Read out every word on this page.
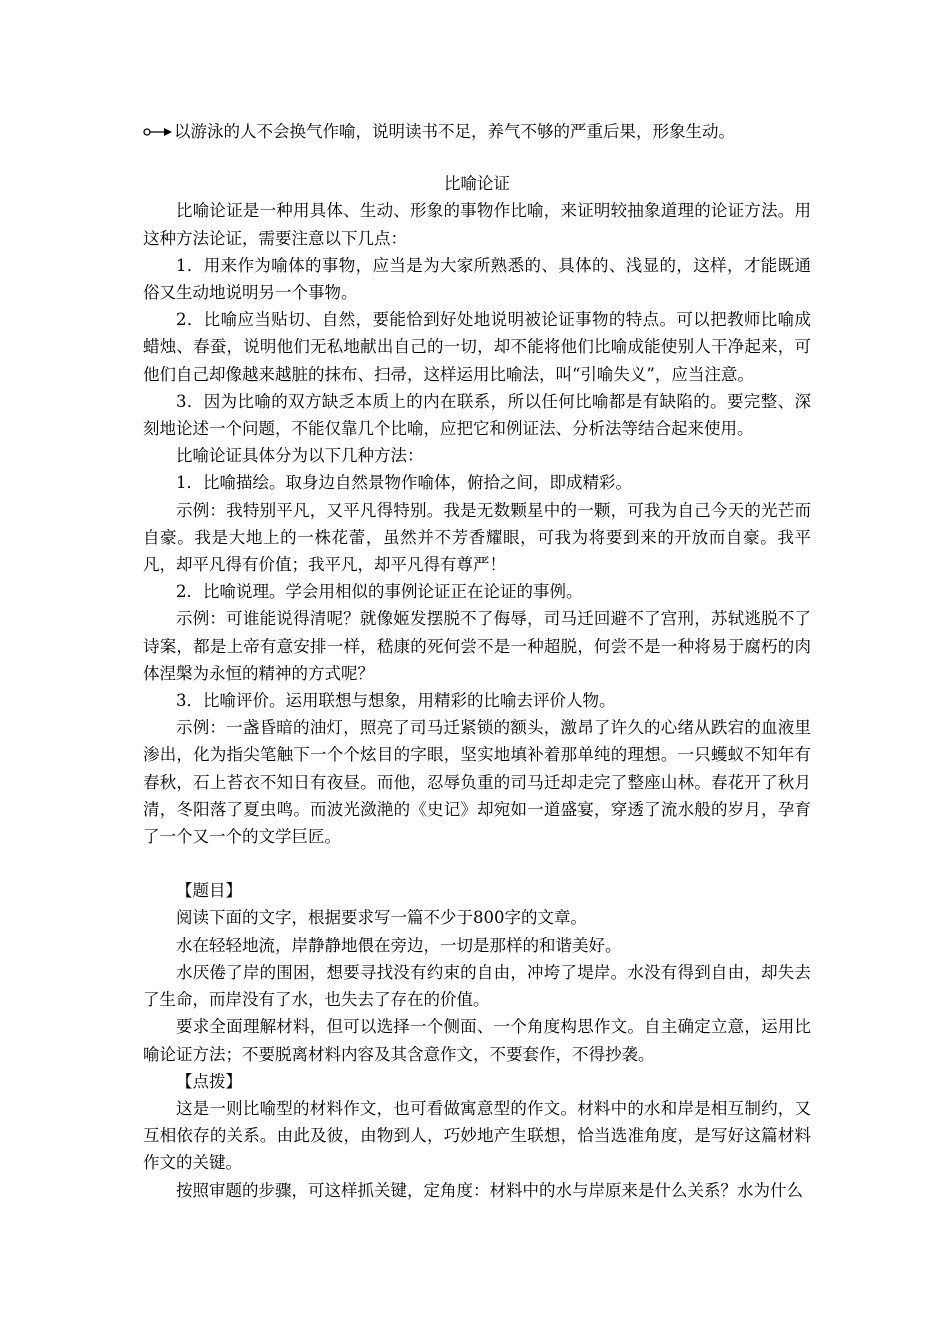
以游泳的人不会换气作喻，说明读书不足，养气不够的严重后果，形象生动。
比喻论证

比喻论证是一种用具体、生动、形象的事物作比喻，来证明较抽象道理的论证方法。用这种方法论证，需要注意以下几点：

1．用来作为喻体的事物，应当是为大家所熟悉的、具体的、浅显的，这样，才能既通俗又生动地说明另一个事物。

2．比喻应当贴切、自然，要能恰到好处地说明被论证事物的特点。可以把教师比喻成蜡烛、春蚕，说明他们无私地献出自己的一切，却不能将他们比喻成能使别人干净起来，可他们自己却像越来越脏的抹布、扫帚，这样运用比喻法，叫“引喻失义”，应当注意。

3．因为比喻的双方缺乏本质上的内在联系，所以任何比喻都是有缺陷的。要完整、深刻地论述一个问题，不能仅靠几个比喻，应把它和例证法、分析法等结合起来使用。

比喻论证具体分为以下几种方法：

1．比喻描绘。取身边自然景物作喻体，俯拾之间，即成精彩。

示例：我特别平凡，又平凡得特别。我是无数颗星中的一颗，可我为自己今天的光芒而自豪。我是大地上的一株花蕾，虽然并不芳香耀眼，可我为将要到来的开放而自豪。我平凡，却平凡得有价值；我平凡，却平凡得有尊严！

2．比喻说理。学会用相似的事例论证正在论证的事例。

示例：可谁能说得清呢？就像姬发摆脱不了侮辱，司马迁回避不了宫刑，苏轼逃脱不了诗案，都是上帝有意安排一样，嵇康的死何尝不是一种超脱，何尝不是一种将易于腐朽的肉体涅槃为永恒的精神的方式呢？

3．比喻评价。运用联想与想象，用精彩的比喻去评价人物。

示例：一盏昏暗的油灯，照亮了司马迁紧锁的额头，激昂了许久的心绪从跌宕的血液里渗出，化为指尖笔触下一个个炫目的字眼，坚实地填补着那单纯的理想。一只蠖蚁不知年有春秋，石上苔衣不知日有夜昼。而他，忍辱负重的司马迁却走完了整座山林。春花开了秋月清，冬阳落了夏虫鸣。而波光潋滟的《史记》却宛如一道盛宴，穿透了流水般的岁月，孕育了一个又一个的文学巨匠。

【题目】

阅读下面的文字，根据要求写一篇不少于800字的文章。

水在轻轻地流，岸静静地偎在旁边，一切是那样的和谐美好。

水厌倦了岸的围困，想要寻找没有约束的自由，冲垮了堤岸。水没有得到自由，却失去了生命，而岸没有了水，也失去了存在的价值。

要求全面理解材料，但可以选择一个侧面、一个角度构思作文。自主确定立意，运用比喻论证方法；不要脱离材料内容及其含意作文，不要套作，不得抄袭。

【点拨】

这是一则比喻型的材料作文，也可看做寓意型的作文。材料中的水和岸是相互制约，又互相依存的关系。由此及彼，由物到人，巧妙地产生联想，恰当选准角度，是写好这篇材料作文的关键。

按照审题的步骤，可这样抓关键，定角度：材料中的水与岸原来是什么关系？水为什么
